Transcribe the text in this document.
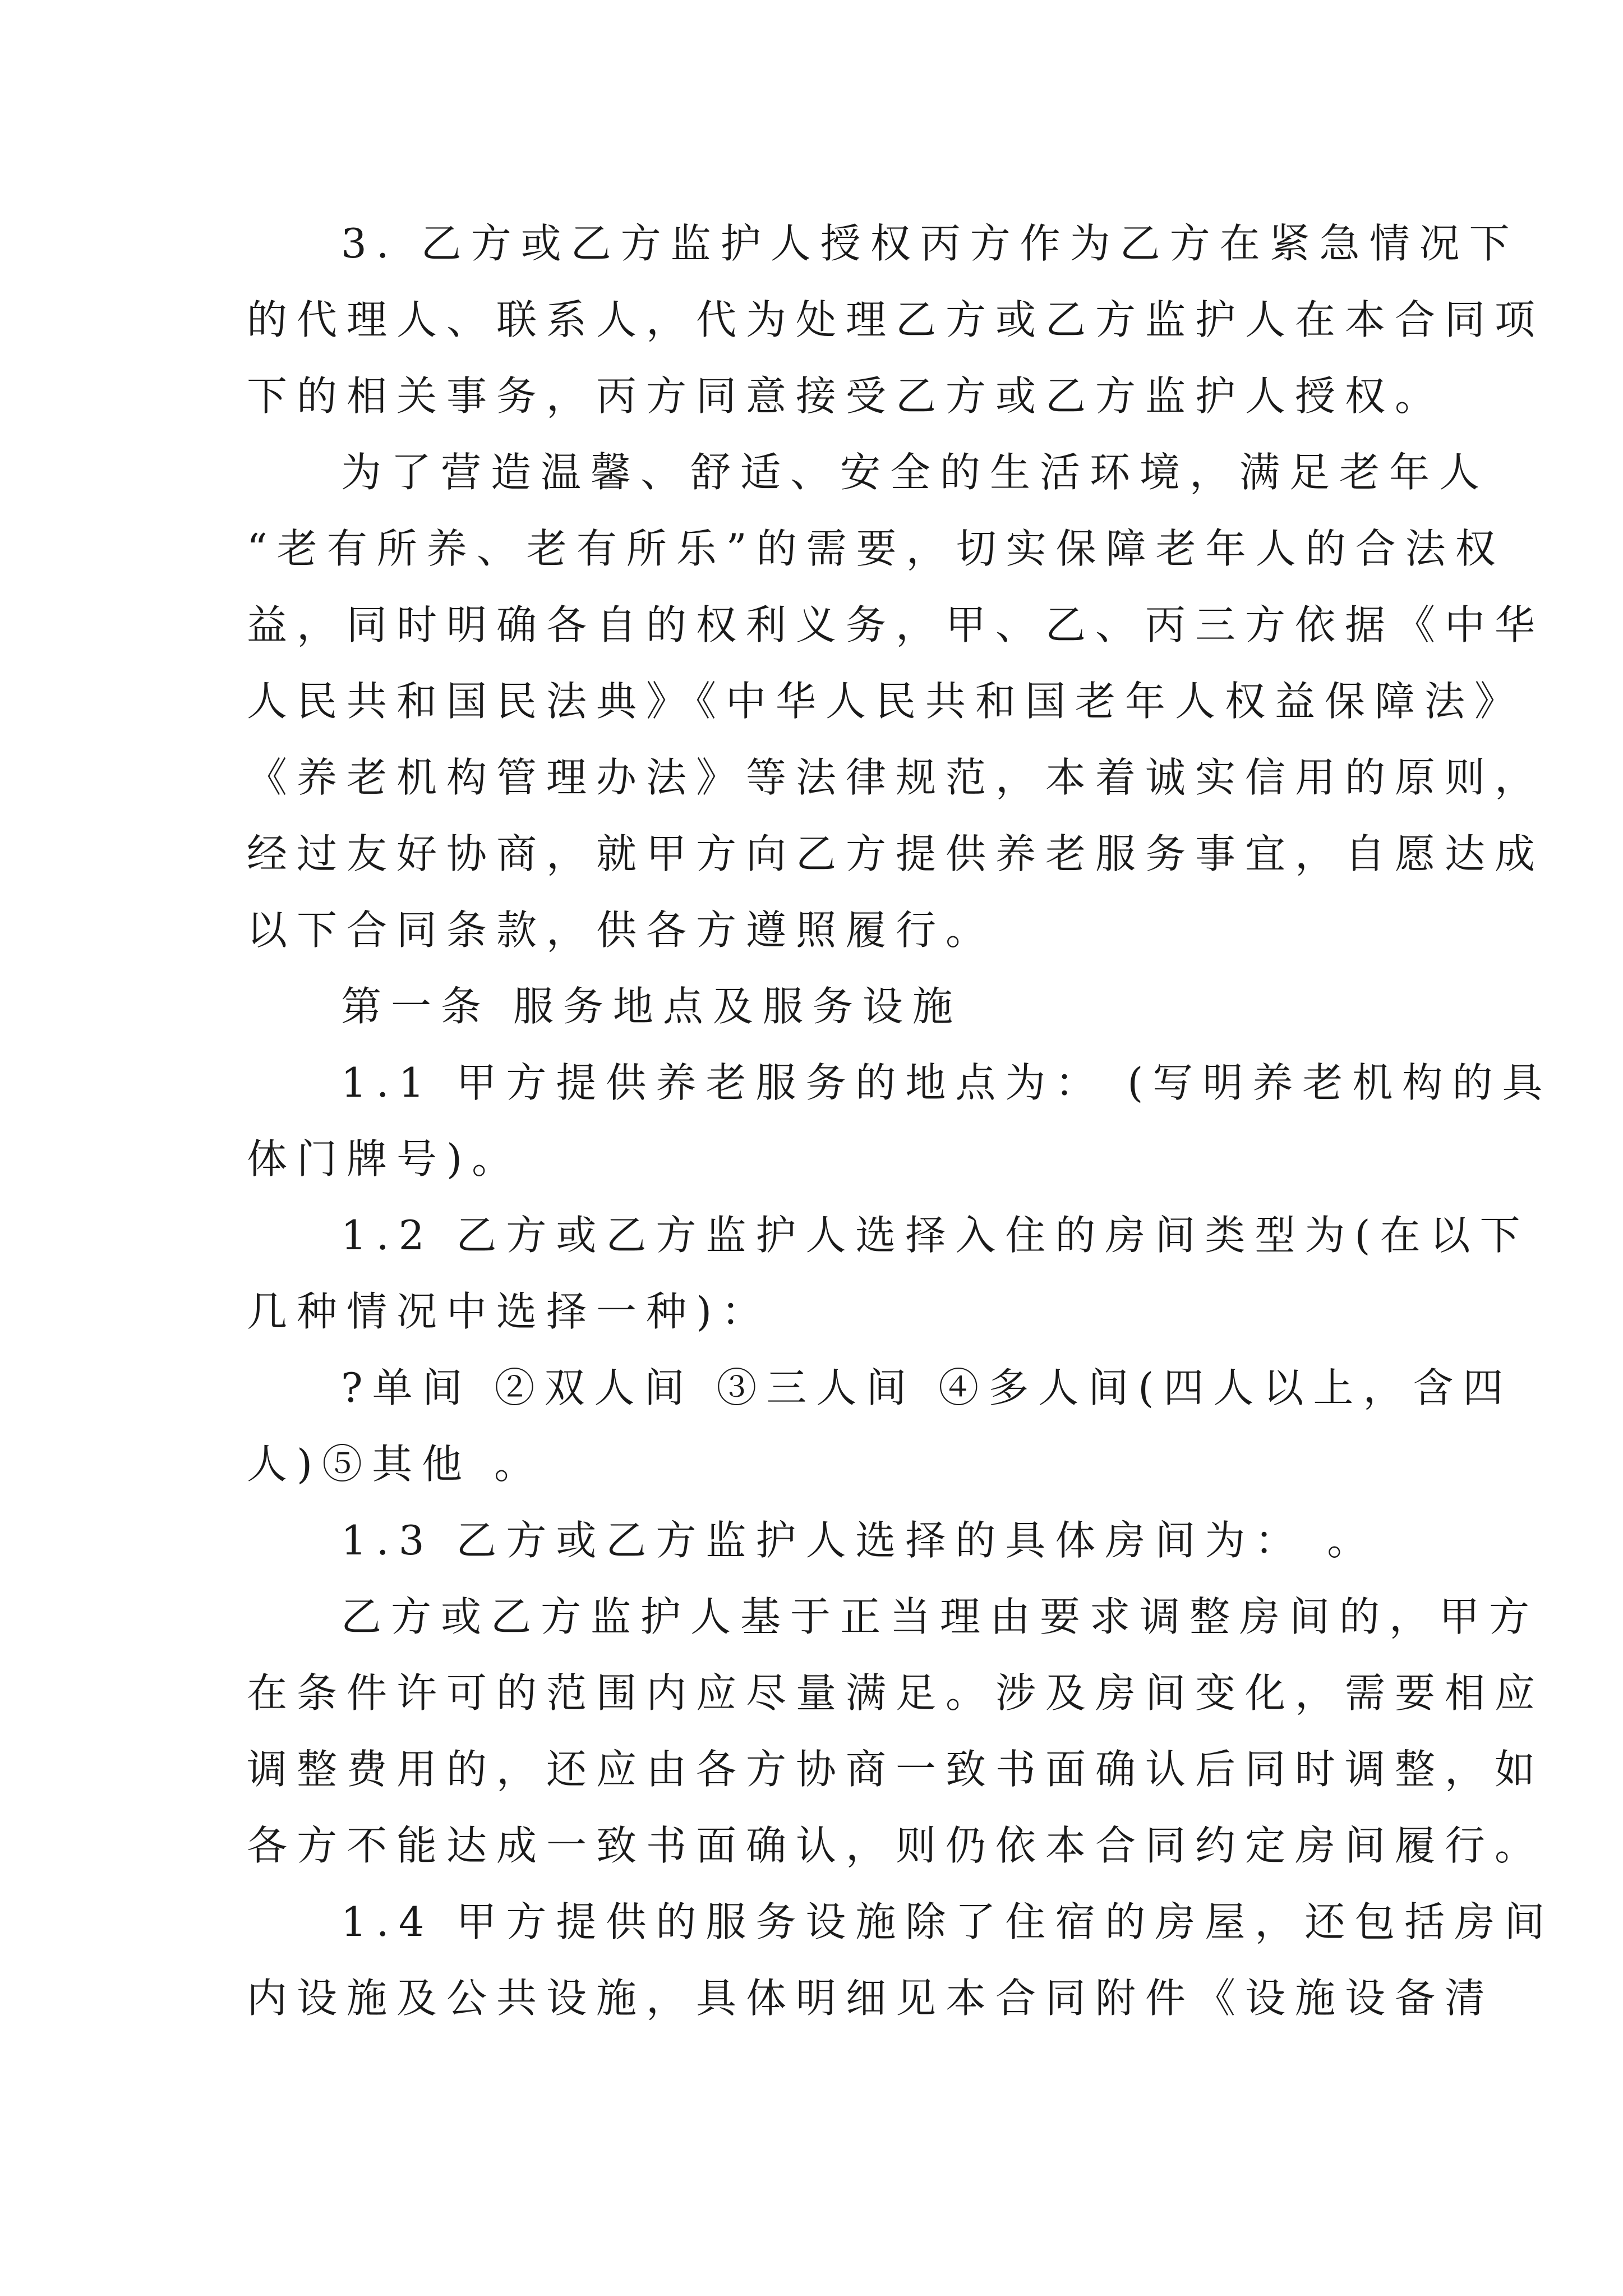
3. 乙方或乙方监护人授权丙方作为乙方在紧急情况下
的代理人、联系人，代为处理乙方或乙方监护人在本合同项
下的相关事务，丙方同意接受乙方或乙方监护人授权。
为了营造温馨、舒适、安全的生活环境，满足老年人
“老有所养、老有所乐”的需要，切实保障老年人的合法权
益，同时明确各自的权利义务，甲、乙、丙三方依据《中华
人民共和国民法典》《中华人民共和国老年人权益保障法》
《养老机构管理办法》等法律规范，本着诚实信用的原则，
经过友好协商，就甲方向乙方提供养老服务事宜，自愿达成
以下合同条款，供各方遵照履行。
第一条 服务地点及服务设施
1.1 甲方提供养老服务的地点为： (写明养老机构的具
体门牌号)。
1.2 乙方或乙方监护人选择入住的房间类型为(在以下
几种情况中选择一种)：
?单间 ②双人间 ③三人间 ④多人间(四人以上，含四
人)⑤其他 。
1.3 乙方或乙方监护人选择的具体房间为： 。
乙方或乙方监护人基于正当理由要求调整房间的，甲方
在条件许可的范围内应尽量满足。涉及房间变化，需要相应
调整费用的，还应由各方协商一致书面确认后同时调整，如
各方不能达成一致书面确认，则仍依本合同约定房间履行。
1.4 甲方提供的服务设施除了住宿的房屋，还包括房间
内设施及公共设施，具体明细见本合同附件《设施设备清
